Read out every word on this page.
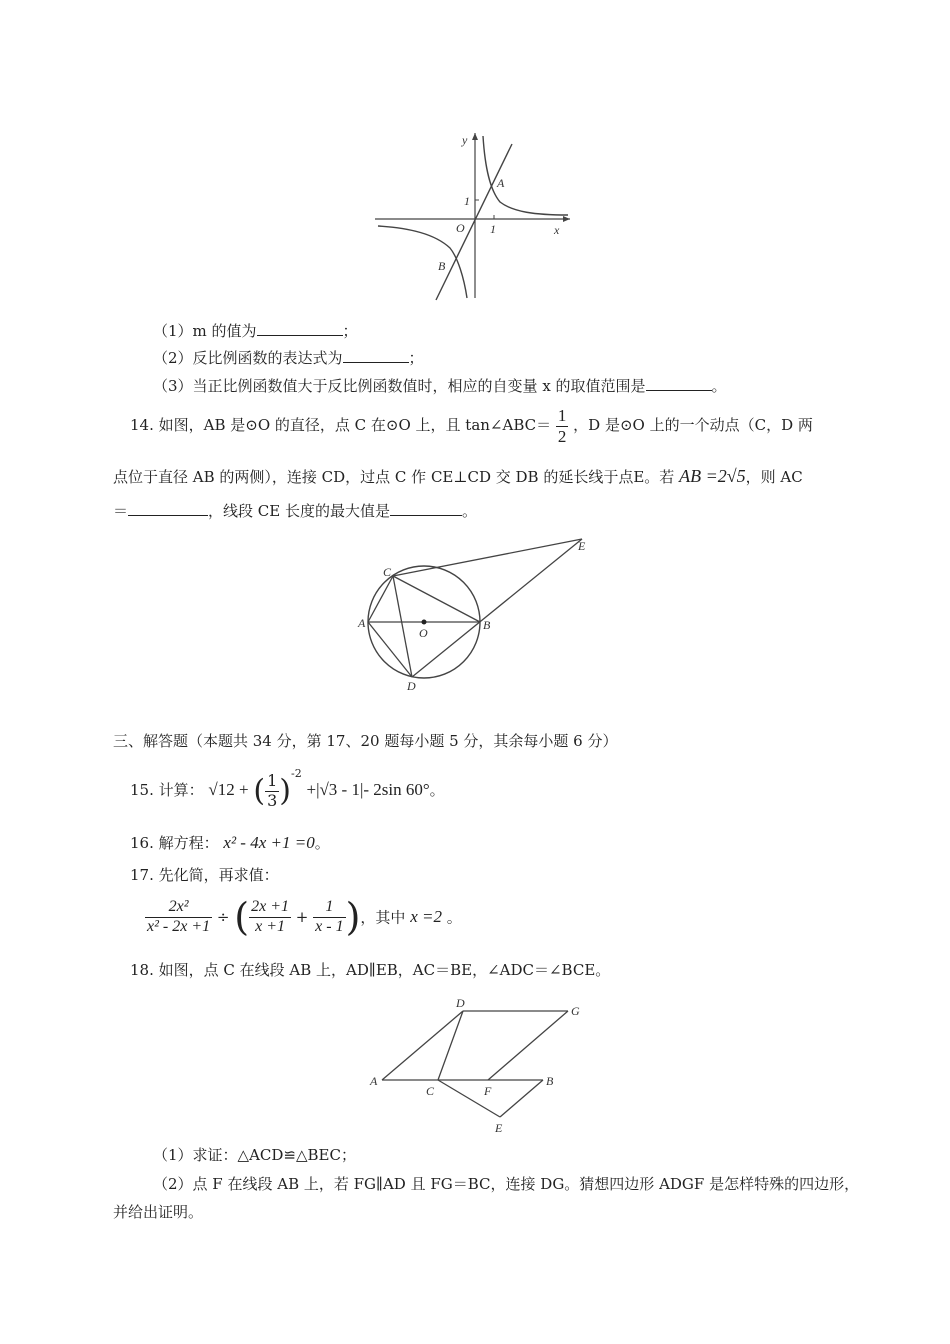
y
x
1
1
O
A
B
（1）m 的值为	；
（2）反比例函数的表达式为	；
（3）当正比例函数值大于反比例函数值时，相应的自变量 x 的取值范围是	。
14. 如图，AB 是⊙O 的直径，点 C 在⊙O 上，且 tan∠ABC＝ $\frac{1}{2}$ ，D 是⊙O 上的一个动点（C，D 两
点位于直径 AB 的两侧），连接 CD，过点 C 作 CE⊥CD 交 DB 的延长线于点E。若 AB =2√5，则 AC
＝	，线段 CE 长度的最大值是	。
C
A
O
B
D
E
三、解答题（本题共 34 分，第 17、20 题每小题 5 分，其余每小题 6 分）
15. 计算： √12 + ( $\frac{1}{3} )^{-2} +|√3 - 1|-$ 2sin 60°。
16. 解方程： x² - 4x +1 =0。
17. 先化简，再求值：
$\frac{\text{2x²}}{\text{x² - 2x +1}}$ ÷ ( $\frac{2x +1}{x +1} + \frac{1}{x - 1}$ )，其中 x =2 。
18. 如图，点 C 在线段 AB 上，AD∥EB，AC＝BE，∠ADC＝∠BCE。
D
G
A
C	F
B
E
（1）求证：△ACD≌△BEC；
（2）点 F 在线段 AB 上，若 FG∥AD 且 FG＝BC，连接 DG。猜想四边形 ADGF 是怎样特殊的四边形，
并给出证明。
